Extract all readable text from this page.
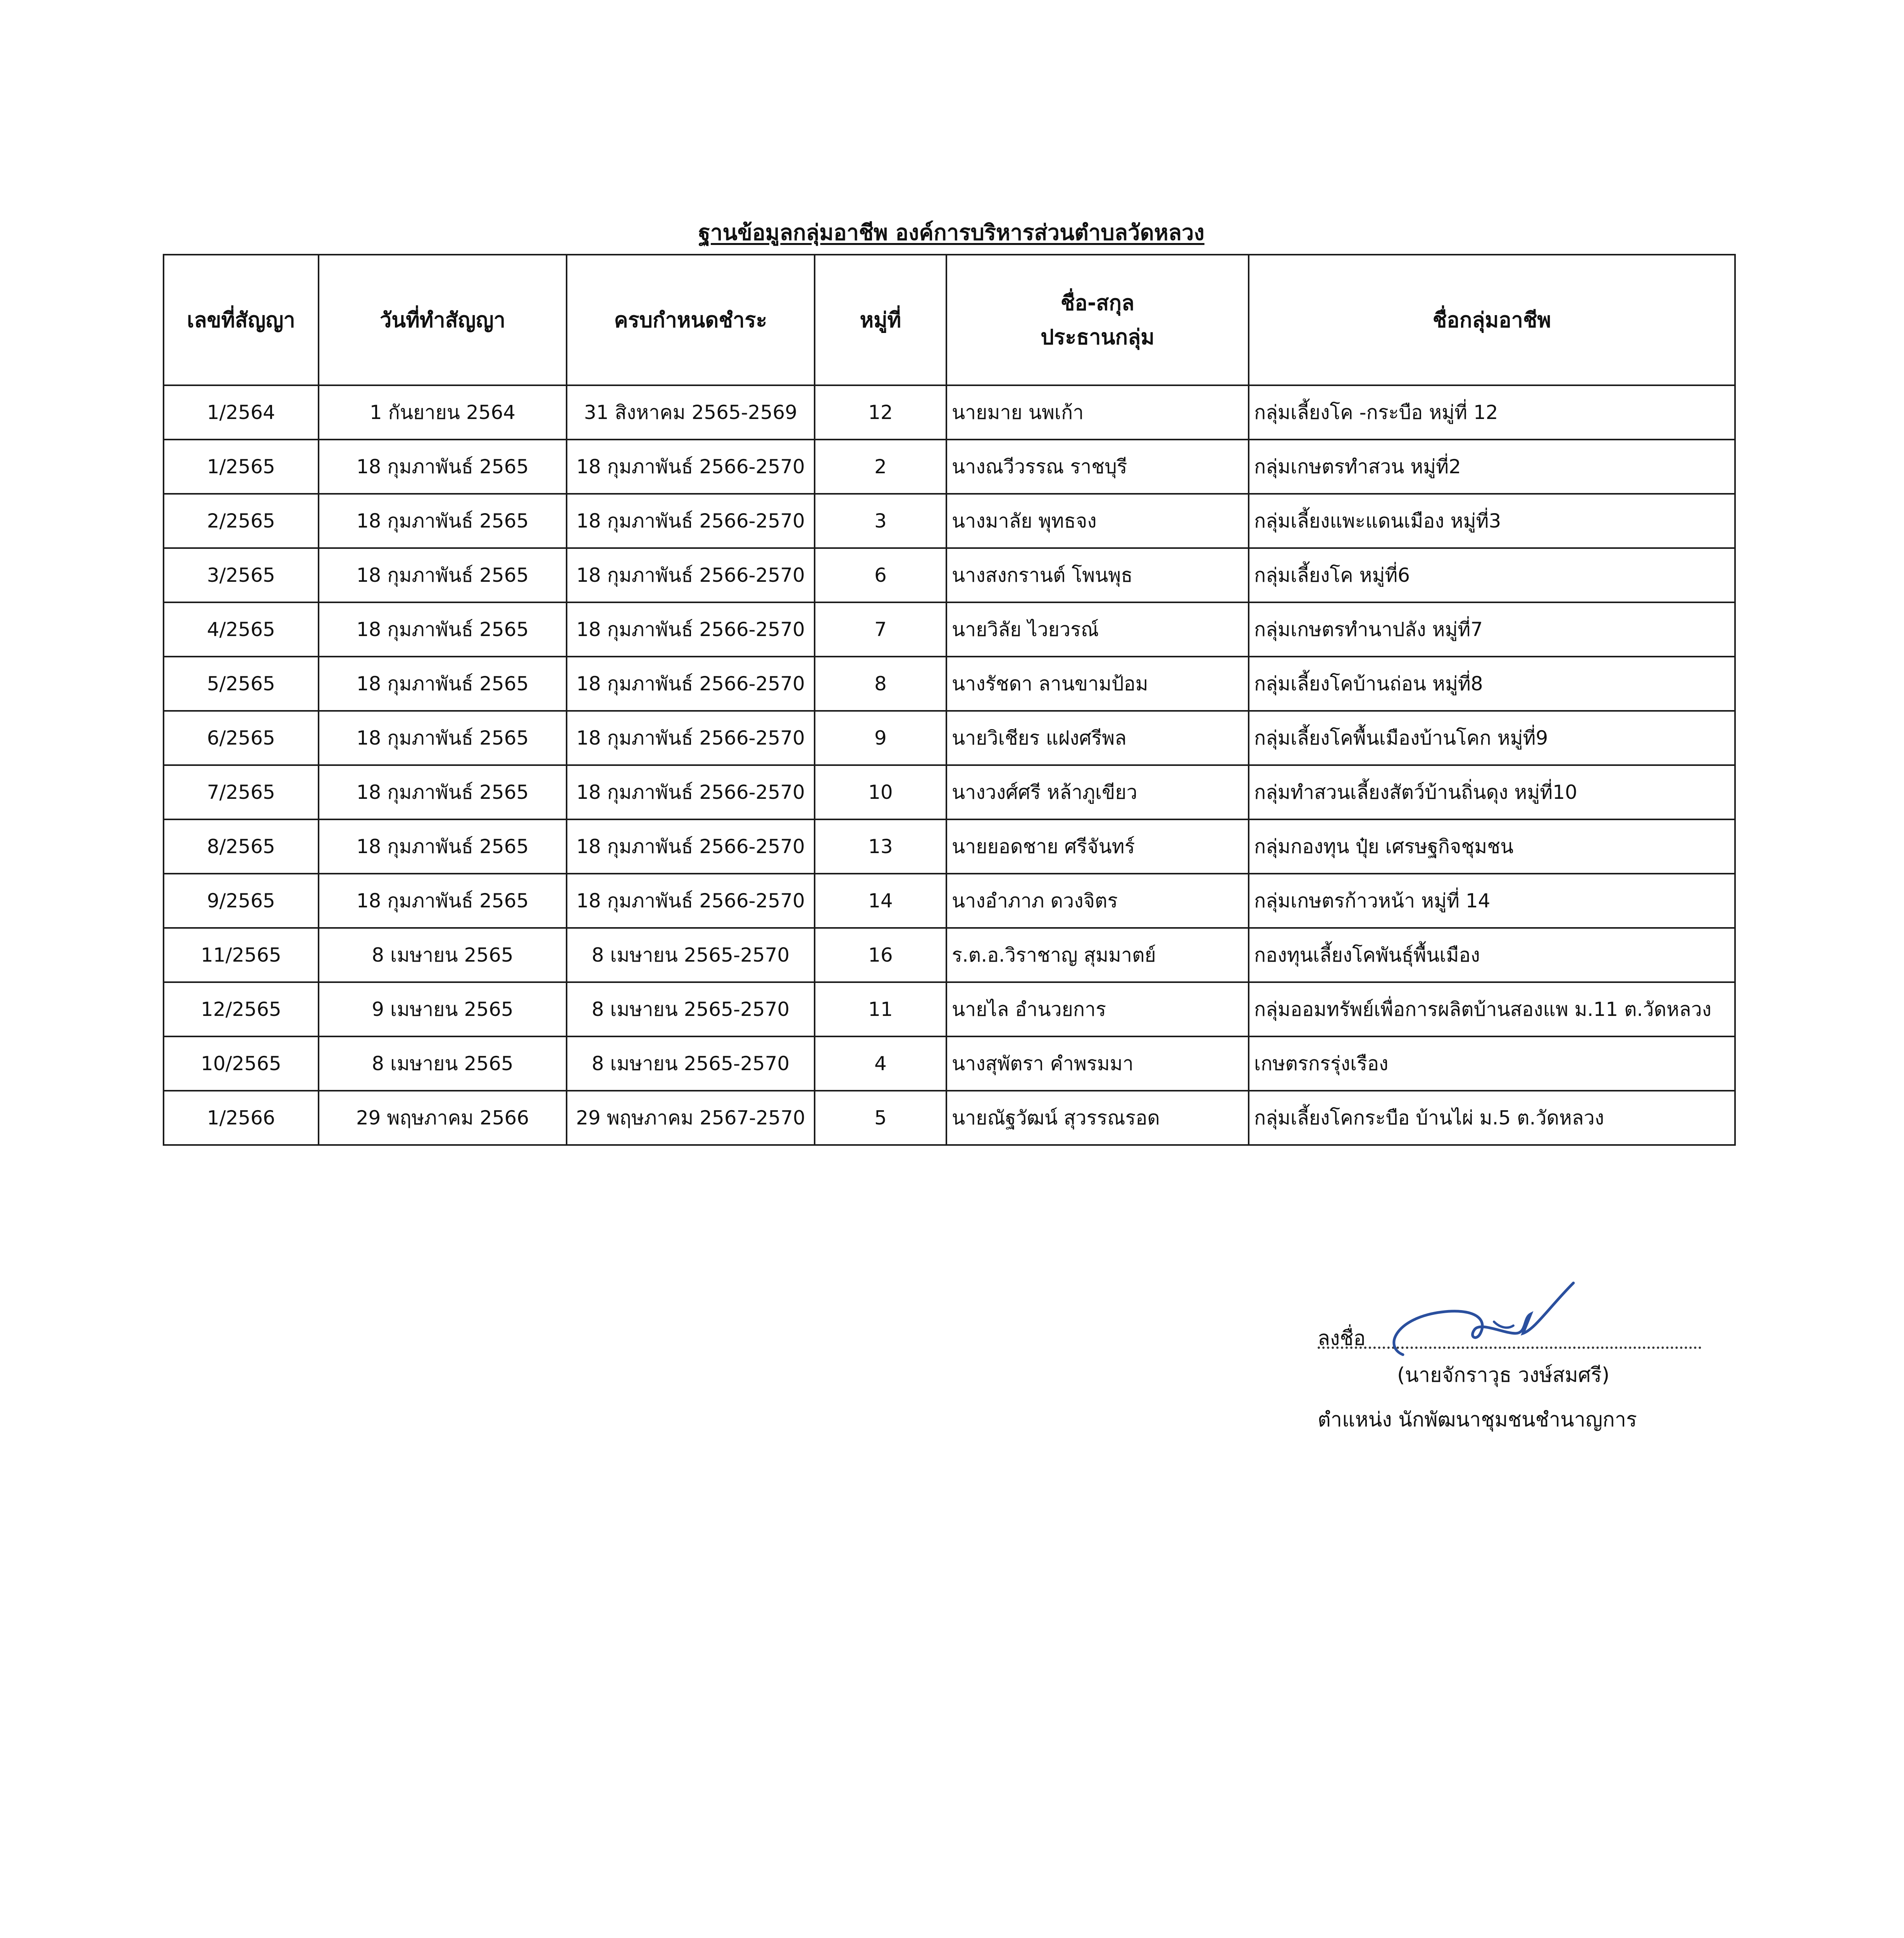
ฐานข้อมูลกลุ่มอาชีพ องค์การบริหารส่วนตำบลวัดหลวง
เลขที่สัญญา	วันที่ทำสัญญา	ครบกำหนดชำระ	หมู่ที่	ชื่อ-สกุล
ประธานกลุ่ม	ชื่อกลุ่มอาชีพ
1/2564	1 กันยายน 2564	31 สิงหาคม 2565-2569	12	นายมาย นพเก้า	กลุ่มเลี้ยงโค -กระบือ หมู่ที่ 12
1/2565	18 กุมภาพันธ์ 2565	18 กุมภาพันธ์ 2566-2570	2	นางณวีวรรณ ราชบุรี	กลุ่มเกษตรทำสวน หมู่ที่2
2/2565	18 กุมภาพันธ์ 2565	18 กุมภาพันธ์ 2566-2570	3	นางมาลัย พุทธจง	กลุ่มเลี้ยงแพะแดนเมือง หมู่ที่3
3/2565	18 กุมภาพันธ์ 2565	18 กุมภาพันธ์ 2566-2570	6	นางสงกรานต์ โพนพุธ	กลุ่มเลี้ยงโค หมู่ที่6
4/2565	18 กุมภาพันธ์ 2565	18 กุมภาพันธ์ 2566-2570	7	นายวิลัย ไวยวรณ์	กลุ่มเกษตรทำนาปลัง หมู่ที่7
5/2565	18 กุมภาพันธ์ 2565	18 กุมภาพันธ์ 2566-2570	8	นางรัชดา ลานขามป้อม	กลุ่มเลี้ยงโคบ้านถ่อน หมู่ที่8
6/2565	18 กุมภาพันธ์ 2565	18 กุมภาพันธ์ 2566-2570	9	นายวิเชียร แฝงศรีพล	กลุ่มเลี้ยงโคพื้นเมืองบ้านโคก หมู่ที่9
7/2565	18 กุมภาพันธ์ 2565	18 กุมภาพันธ์ 2566-2570	10	นางวงศ์ศรี หล้าภูเขียว	กลุ่มทำสวนเลี้ยงสัตว์บ้านถิ่นดุง หมู่ที่10
8/2565	18 กุมภาพันธ์ 2565	18 กุมภาพันธ์ 2566-2570	13	นายยอดชาย ศรีจันทร์	กลุ่มกองทุน ปุ๋ย เศรษฐกิจชุมชน
9/2565	18 กุมภาพันธ์ 2565	18 กุมภาพันธ์ 2566-2570	14	นางอำภาภ ดวงจิตร	กลุ่มเกษตรก้าวหน้า หมู่ที่ 14
11/2565	8 เมษายน 2565	8 เมษายน 2565-2570	16	ร.ต.อ.วิราชาญ สุมมาตย์	กองทุนเลี้ยงโคพันธุ์พื้นเมือง
12/2565	9 เมษายน 2565	8 เมษายน 2565-2570	11	นายไล อำนวยการ	กลุ่มออมทรัพย์เพื่อการผลิตบ้านสองแพ ม.11 ต.วัดหลวง
10/2565	8 เมษายน 2565	8 เมษายน 2565-2570	4	นางสุพัตรา คำพรมมา	เกษตรกรรุ่งเรือง
1/2566	29 พฤษภาคม 2566	29 พฤษภาคม 2567-2570	5	นายณัฐวัฒน์ สุวรรณรอด	กลุ่มเลี้ยงโคกระบือ บ้านไผ่ ม.5 ต.วัดหลวง
ลงชื่อ
(นายจักราวุธ วงษ์สมศรี)
ตำแหน่ง นักพัฒนาชุมชนชำนาญการ
